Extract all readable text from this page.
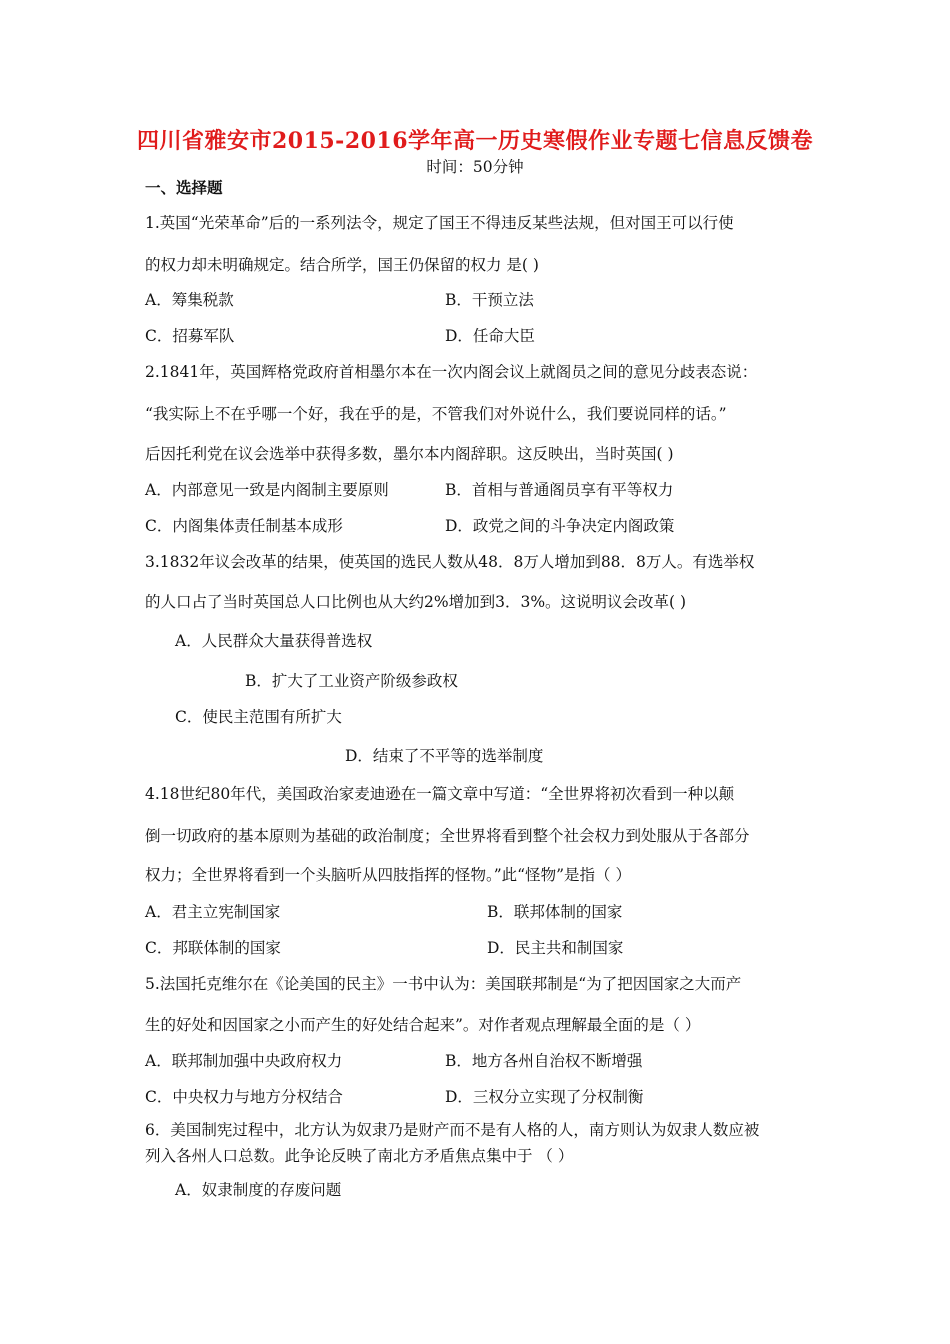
四川省雅安市2015-2016学年高一历史寒假作业专题七信息反馈卷
时间：50分钟
一、选择题
1.英国“光荣革命”后的一系列法令，规定了国王不得违反某些法规，但对国王可以行使
的权力却未明确规定。结合所学，国王仍保留的权力 是( )
A．筹集税款	B．干预立法
C．招募军队	D．任命大臣
2.1841年，英国辉格党政府首相墨尔本在一次内阁会议上就阁员之间的意见分歧表态说：
“我实际上不在乎哪一个好，我在乎的是，不管我们对外说什么，我们要说同样的话。”
后因托利党在议会选举中获得多数，墨尔本内阁辞职。这反映出，当时英国( )
A．内部意见一致是内阁制主要原则	B．首相与普通阁员享有平等权力
C．内阁集体责任制基本成形	D．政党之间的斗争决定内阁政策
3.1832年议会改革的结果，使英国的选民人数从48．8万人增加到88．8万人。有选举权
的人口占了当时英国总人口比例也从大约2%增加到3．3%。这说明议会改革( )
A．人民群众大量获得普选权
B．扩大了工业资产阶级参政权
C．使民主范围有所扩大
D．结束了不平等的选举制度
4.18世纪80年代，美国政治家麦迪逊在一篇文章中写道：“全世界将初次看到一种以颠
倒一切政府的基本原则为基础的政治制度；全世界将看到整个社会权力到处服从于各部分
权力；全世界将看到一个头脑听从四肢指挥的怪物。”此“怪物”是指（ ）
A．君主立宪制国家	B．联邦体制的国家
C．邦联体制的国家	D．民主共和制国家
5.法国托克维尔在《论美国的民主》一书中认为：美国联邦制是“为了把因国家之大而产
生的好处和因国家之小而产生的好处结合起来”。对作者观点理解最全面的是（ ）
A．联邦制加强中央政府权力	B．地方各州自治权不断增强
C．中央权力与地方分权结合	D．三权分立实现了分权制衡
6．美国制宪过程中，北方认为奴隶乃是财产而不是有人格的人，南方则认为奴隶人数应被
列入各州人口总数。此争论反映了南北方矛盾焦点集中于 （ ）
A．奴隶制度的存废问题
